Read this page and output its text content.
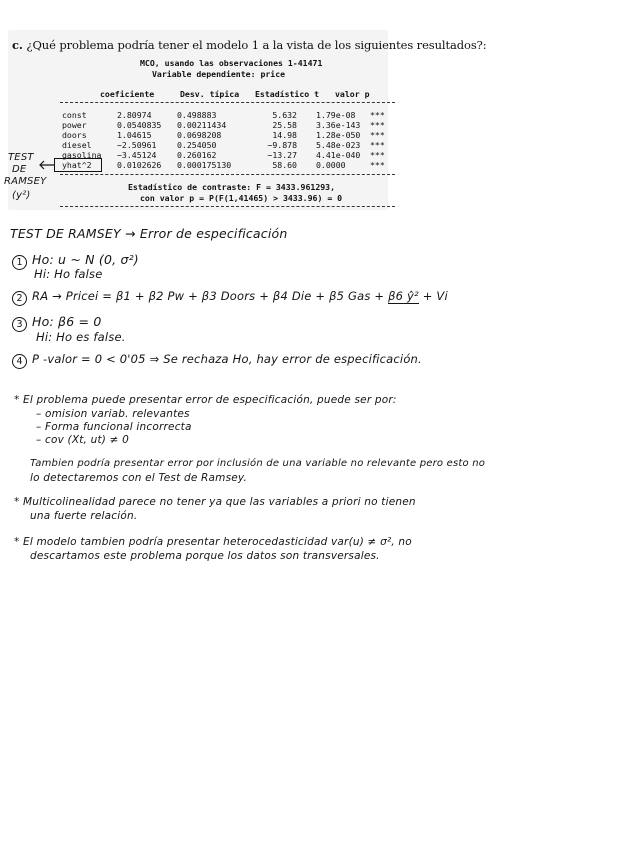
c. ¿Qué problema podría tener el modelo 1 a la vista de los siguientes resultados?:
MCO, usando las observaciones 1-41471
Variable dependiente: price
coeficiente	Desv. típica Estadístico t valor p
const	2.80974	0.498883	5.632 1.79e-08 ***
power	0.0540835 0.00211434	25.58 3.36e-143 ***
doors	1.04615	0.0698208	14.98 1.28e-050 ***
diesel	−2.50961	0.254050	−9.878 5.48e-023 ***
gasolina −3.45124	0.260162	−13.27 4.41e-040 ***
yhat^2	0.0102626 0.000175130	58.60 0.0000	***
Estadístico de contraste: F = 3433.961293,
con valor p = P(F(1,41465) > 3433.96) = 0
TEST
DE
RAMSEY
(y²)
TEST DE RAMSEY → Error de especificación
1 Ho: u ~ N (0, σ²)
Hi: Ho false
2 RA → Pricei = β1 + β2 Pw + β3 Doors + β4 Die + β5 Gas + β6 ŷ² + Vi
3 Ho: β6 = 0
Hi: Ho es false.
4 P -valor = 0 < 0'05 ⇒ Se rechaza Ho, hay error de especificación.
* El problema puede presentar error de especificación, puede ser por:
– omision variab. relevantes
– Forma funcional incorrecta
– cov (Xt, ut) ≠ 0
Tambien podría presentar error por inclusión de una variable no relevante pero esto no
lo detectaremos con el Test de Ramsey.
* Multicolinealidad parece no tener ya que las variables a priori no tienen
una fuerte relación.
* El modelo tambien podría presentar heterocedasticidad var(u) ≠ σ², no
descartamos este problema porque los datos son transversales.
